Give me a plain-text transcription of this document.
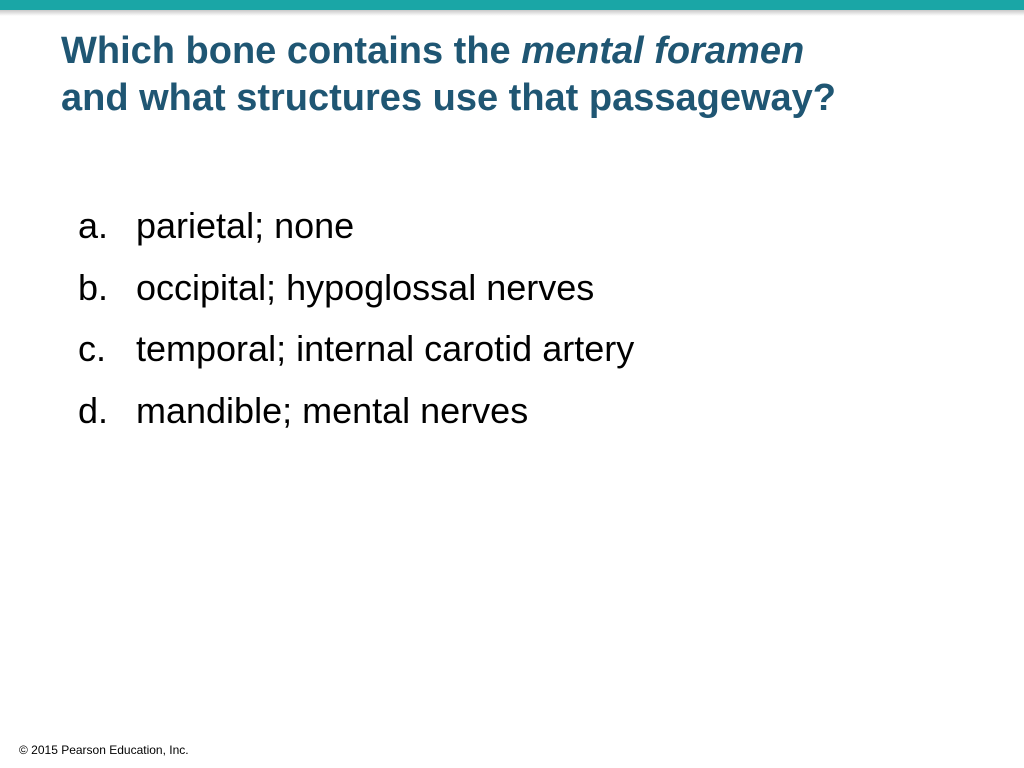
Which bone contains the mental foramen
and what structures use that passageway?
a. parietal; none
b. occipital; hypoglossal nerves
c. temporal; internal carotid artery
d. mandible; mental nerves
© 2015 Pearson Education, Inc.
